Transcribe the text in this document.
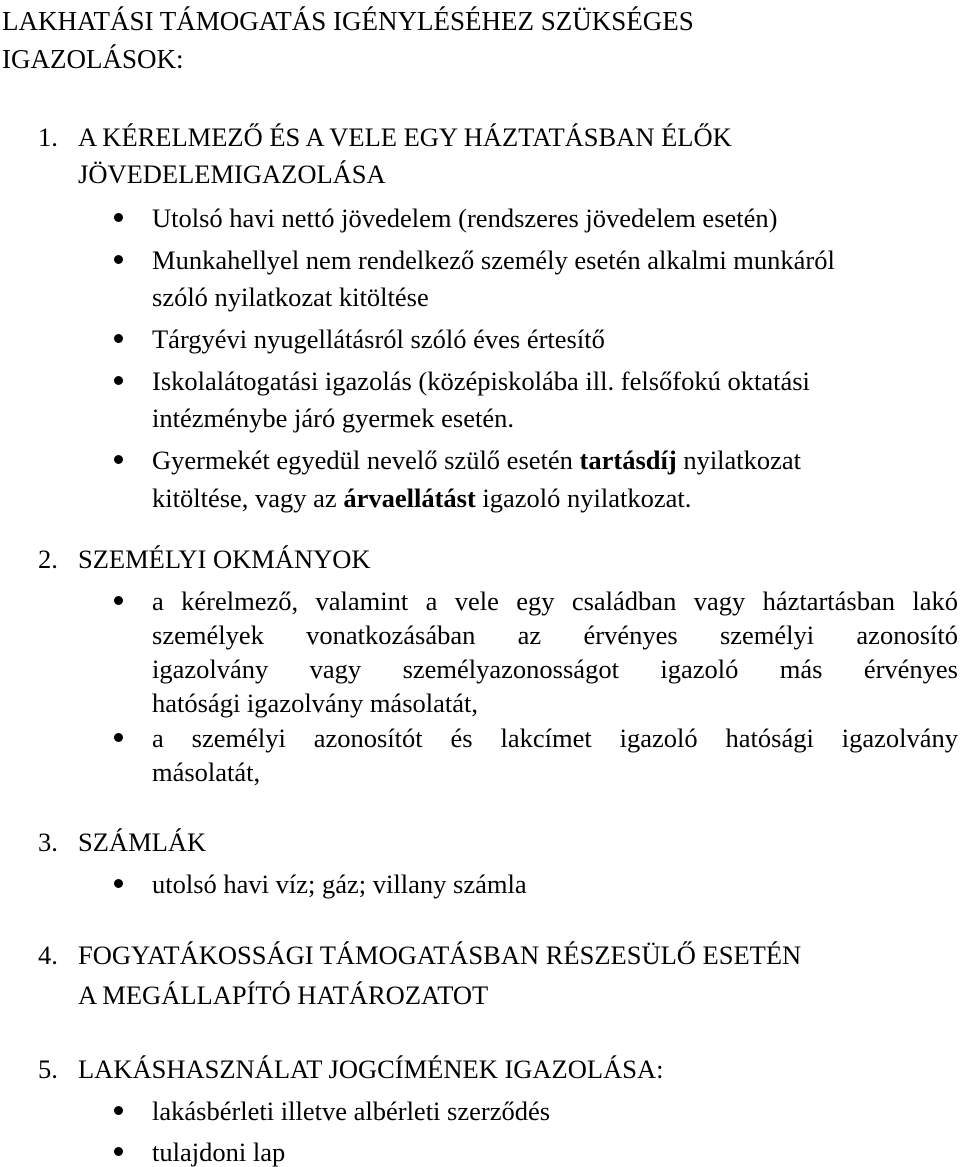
LAKHATÁSI TÁMOGATÁS IGÉNYLÉSÉHEZ SZÜKSÉGES
IGAZOLÁSOK:
1. A KÉRELMEZŐ ÉS A VELE EGY HÁZTATÁSBAN ÉLŐK
JÖVEDELEMIGAZOLÁSA
Utolsó havi nettó jövedelem (rendszeres jövedelem esetén)
Munkahellyel nem rendelkező személy esetén alkalmi munkáról
szóló nyilatkozat kitöltése
Tárgyévi nyugellátásról szóló éves értesítő
Iskolalátogatási igazolás (középiskolába ill. felsőfokú oktatási
intézménybe járó gyermek esetén.
Gyermekét egyedül nevelő szülő esetén tartásdíj nyilatkozat
kitöltése, vagy az árvaellátást igazoló nyilatkozat.
2. SZEMÉLYI OKMÁNYOK
a kérelmező, valamint a vele egy családban vagy háztartásban lakó
személyek vonatkozásában az érvényes személyi azonosító
igazolvány vagy személyazonosságot igazoló más érvényes
hatósági igazolvány másolatát,
a személyi azonosítót és lakcímet igazoló hatósági igazolvány
másolatát,
3. SZÁMLÁK
utolsó havi víz; gáz; villany számla
4. FOGYATÁKOSSÁGI TÁMOGATÁSBAN RÉSZESÜLŐ ESETÉN
A MEGÁLLAPÍTÓ HATÁROZATOT
5. LAKÁSHASZNÁLAT JOGCÍMÉNEK IGAZOLÁSA:
lakásbérleti illetve albérleti szerződés
tulajdoni lap
